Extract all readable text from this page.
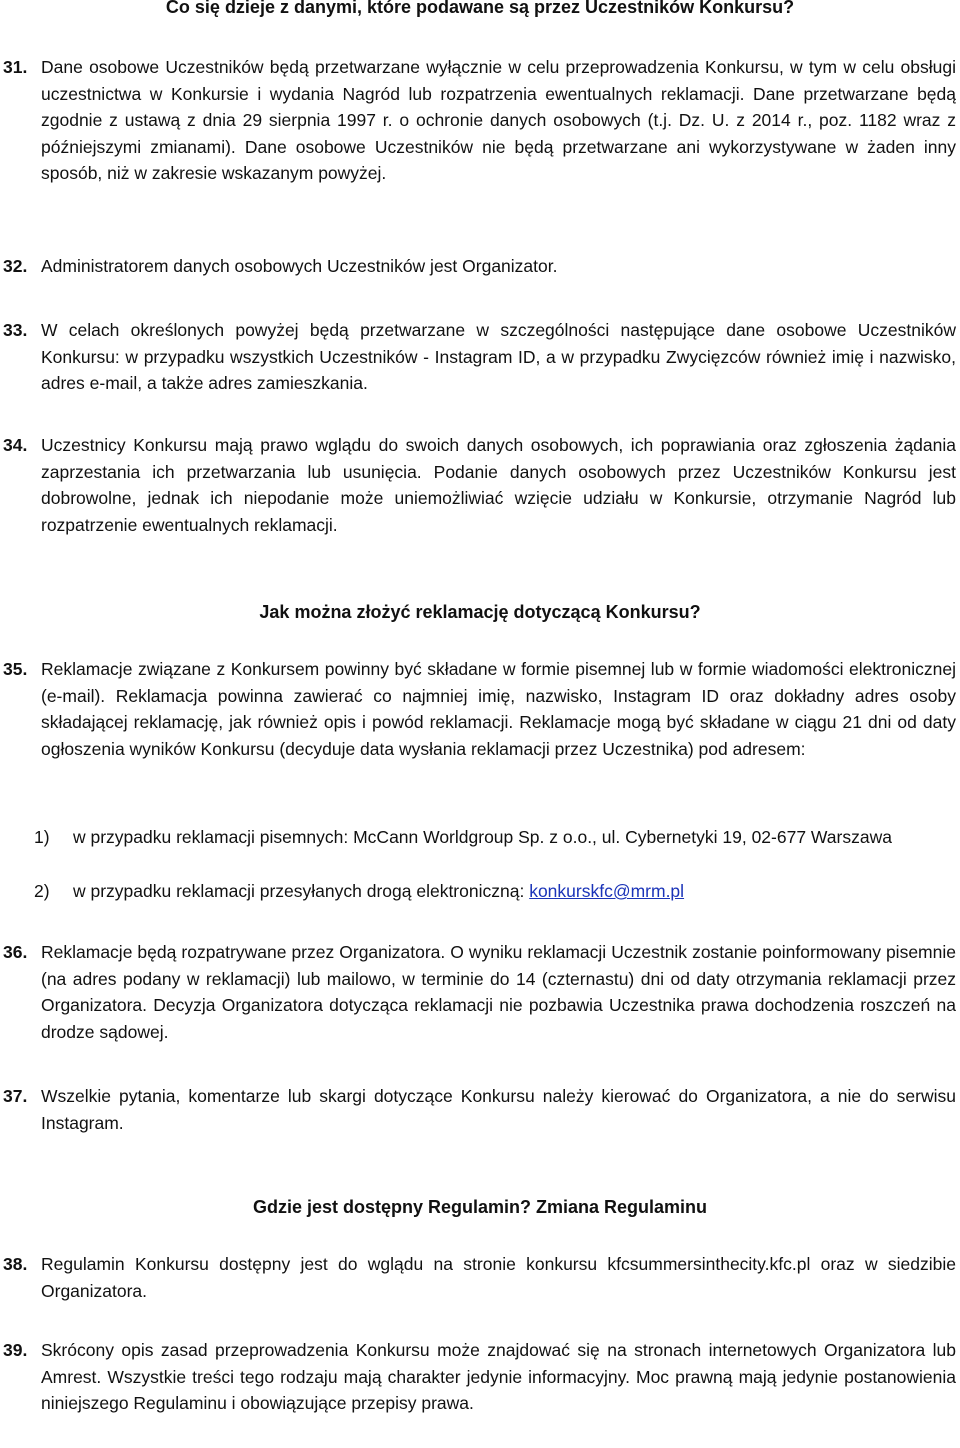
Co się dzieje z danymi, które podawane są przez Uczestników Konkursu?
31. Dane osobowe Uczestników będą przetwarzane wyłącznie w celu przeprowadzenia Konkursu, w tym w celu obsługi uczestnictwa w Konkursie i wydania Nagród lub rozpatrzenia ewentualnych reklamacji. Dane przetwarzane będą zgodnie z ustawą z dnia 29 sierpnia 1997 r. o ochronie danych osobowych (t.j. Dz. U. z 2014 r., poz. 1182 wraz z późniejszymi zmianami). Dane osobowe Uczestników nie będą przetwarzane ani wykorzystywane w żaden inny sposób, niż w zakresie wskazanym powyżej.
32. Administratorem danych osobowych Uczestników jest Organizator.
33. W celach określonych powyżej będą przetwarzane w szczególności następujące dane osobowe Uczestników Konkursu: w przypadku wszystkich Uczestników - Instagram ID, a w przypadku Zwycięzców również imię i nazwisko, adres e-mail, a także adres zamieszkania.
34. Uczestnicy Konkursu mają prawo wglądu do swoich danych osobowych, ich poprawiania oraz zgłoszenia żądania zaprzestania ich przetwarzania lub usunięcia. Podanie danych osobowych przez Uczestników Konkursu jest dobrowolne, jednak ich niepodanie może uniemożliwiać wzięcie udziału w Konkursie, otrzymanie Nagród lub rozpatrzenie ewentualnych reklamacji.
Jak można złożyć reklamację dotyczącą Konkursu?
35. Reklamacje związane z Konkursem powinny być składane w formie pisemnej lub w formie wiadomości elektronicznej (e-mail). Reklamacja powinna zawierać co najmniej imię, nazwisko, Instagram ID oraz dokładny adres osoby składającej reklamację, jak również opis i powód reklamacji. Reklamacje mogą być składane w ciągu 21 dni od daty ogłoszenia wyników Konkursu (decyduje data wysłania reklamacji przez Uczestnika) pod adresem:
1) w przypadku reklamacji pisemnych: McCann Worldgroup Sp. z o.o., ul. Cybernetyki 19, 02-677 Warszawa
2) w przypadku reklamacji przesyłanych drogą elektroniczną: konkurskfc@mrm.pl
36. Reklamacje będą rozpatrywane przez Organizatora. O wyniku reklamacji Uczestnik zostanie poinformowany pisemnie (na adres podany w reklamacji) lub mailowo, w terminie do 14 (czternastu) dni od daty otrzymania reklamacji przez Organizatora. Decyzja Organizatora dotycząca reklamacji nie pozbawia Uczestnika prawa dochodzenia roszczeń na drodze sądowej.
37. Wszelkie pytania, komentarze lub skargi dotyczące Konkursu należy kierować do Organizatora, a nie do serwisu Instagram.
Gdzie jest dostępny Regulamin? Zmiana Regulaminu
38. Regulamin Konkursu dostępny jest do wglądu na stronie konkursu kfcsummersinthecity.kfc.pl oraz w siedzibie Organizatora.
39. Skrócony opis zasad przeprowadzenia Konkursu może znajdować się na stronach internetowych Organizatora lub Amrest. Wszystkie treści tego rodzaju mają charakter jedynie informacyjny. Moc prawną mają jedynie postanowienia niniejszego Regulaminu i obowiązujące przepisy prawa.
